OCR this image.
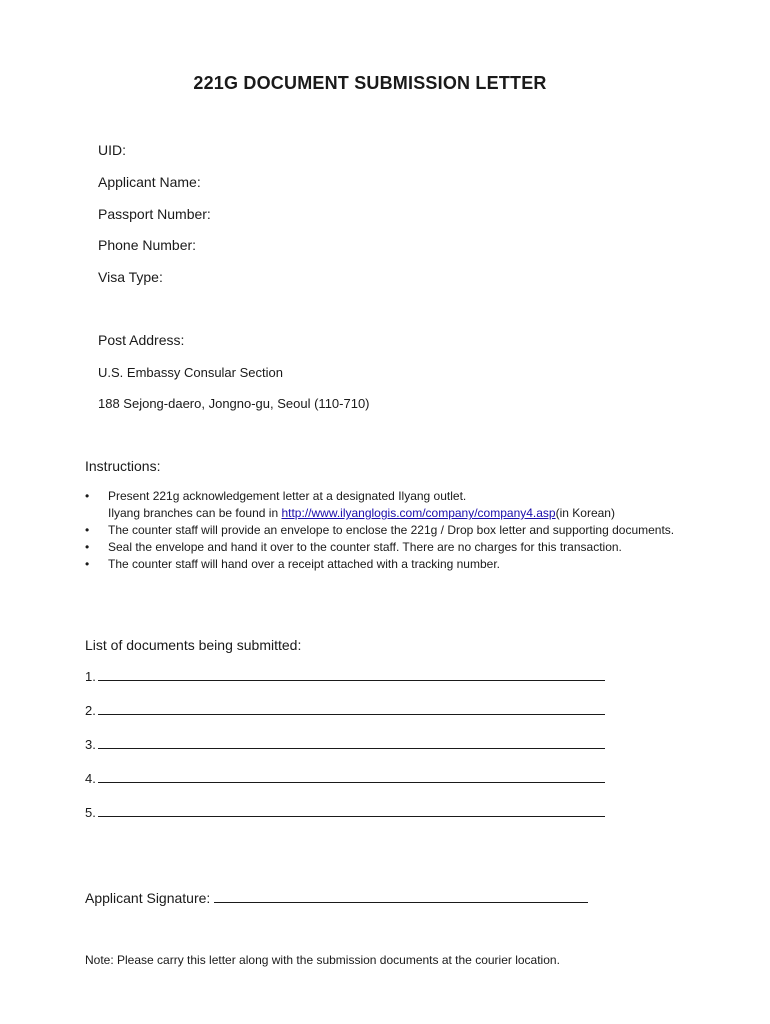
221G DOCUMENT SUBMISSION LETTER
UID:
Applicant Name:
Passport Number:
Phone Number:
Visa Type:
Post Address:
U.S. Embassy Consular Section
188 Sejong-daero, Jongno-gu, Seoul (110-710)
Instructions:
• Present 221g acknowledgement letter at a designated Ilyang outlet.
Ilyang branches can be found in http://www.ilyanglogis.com/company/company4.asp(in Korean)
• The counter staff will provide an envelope to enclose the 221g / Drop box letter and supporting documents.
• Seal the envelope and hand it over to the counter staff. There are no charges for this transaction.
• The counter staff will hand over a receipt attached with a tracking number.
List of documents being submitted:
1.
2.
3.
4.
5.
Applicant Signature:
Note: Please carry this letter along with the submission documents at the courier location.
